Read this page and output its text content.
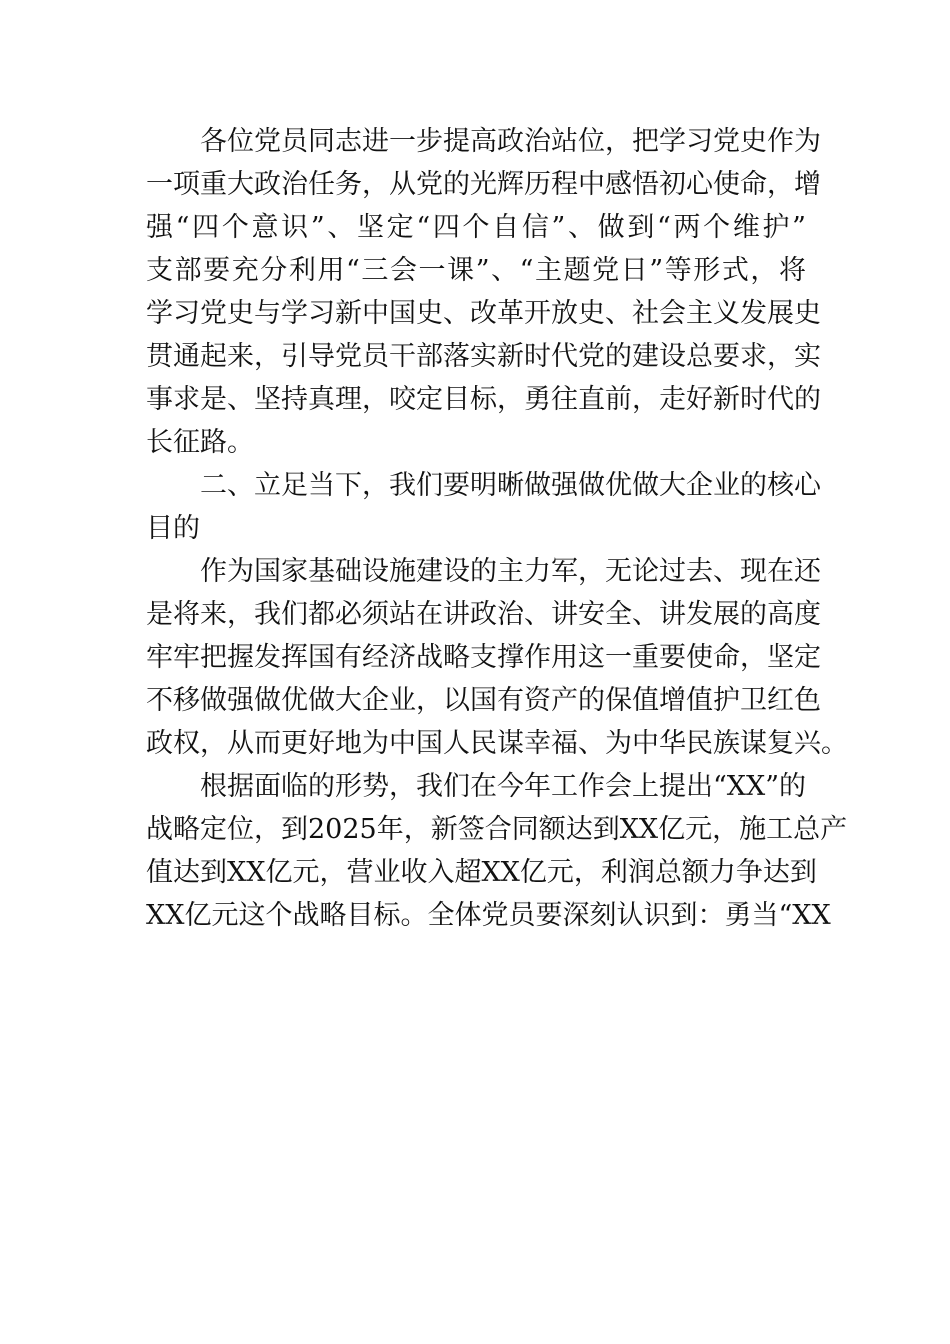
　　各位党员同志进一步提高政治站位，把学习党史作为
一项重大政治任务，从党的光辉历程中感悟初心使命，增
强“四个意识”、坚定“四个自信”、做到“两个维护”
支部要充分利用“三会一课”、“主题党日”等形式，将
学习党史与学习新中国史、改革开放史、社会主义发展史
贯通起来，引导党员干部落实新时代党的建设总要求，实
事求是、坚持真理，咬定目标，勇往直前，走好新时代的
长征路。
　　二、立足当下，我们要明晰做强做优做大企业的核心
目的
　　作为国家基础设施建设的主力军，无论过去、现在还
是将来，我们都必须站在讲政治、讲安全、讲发展的高度
牢牢把握发挥国有经济战略支撑作用这一重要使命，坚定
不移做强做优做大企业，以国有资产的保值增值护卫红色
政权，从而更好地为中国人民谋幸福、为中华民族谋复兴。
　　根据面临的形势，我们在今年工作会上提出“XX”的
战略定位，到2025年，新签合同额达到XX亿元，施工总产
值达到XX亿元，营业收入超XX亿元，利润总额力争达到
XX亿元这个战略目标。全体党员要深刻认识到：勇当“XX
